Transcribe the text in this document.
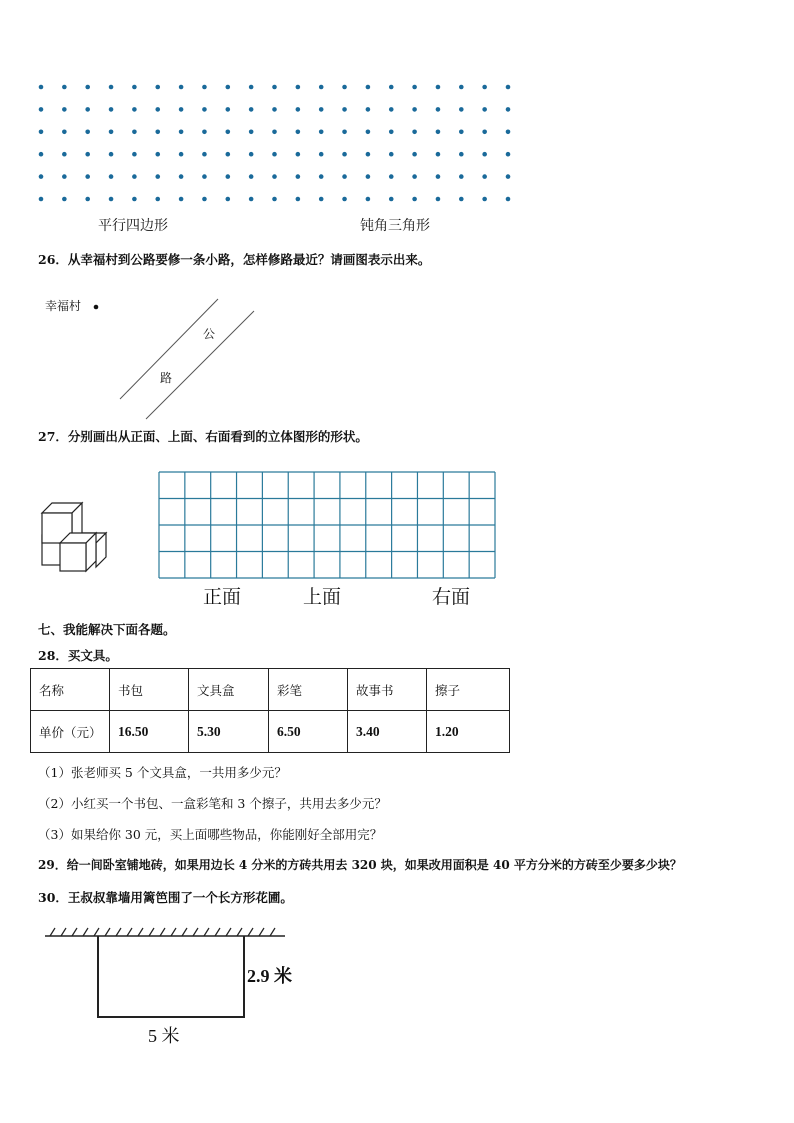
平行四边形	钝角三角形
26．从幸福村到公路要修一条小路，怎样修路最近？请画图表示出来。
幸福村
公
路
27．分别画出从正面、上面、右面看到的立体图形的形状。
正面	上面	右面
七、我能解决下面各题。
28．买文具。
名称	书包	文具盒	彩笔	故事书	擦子
单价（元）	16.50	5.30	6.50	3.40	1.20
（1）张老师买 5 个文具盒，一共用多少元？
（2）小红买一个书包、一盒彩笔和 3 个擦子，共用去多少元？
（3）如果给你 30 元，买上面哪些物品，你能刚好全部用完？
29．给一间卧室铺地砖，如果用边长 4 分米的方砖共用去 320 块，如果改用面积是 40 平方分米的方砖至少要多少块？
30．王叔叔靠墙用篱笆围了一个长方形花圃。
2.9 米
5 米
